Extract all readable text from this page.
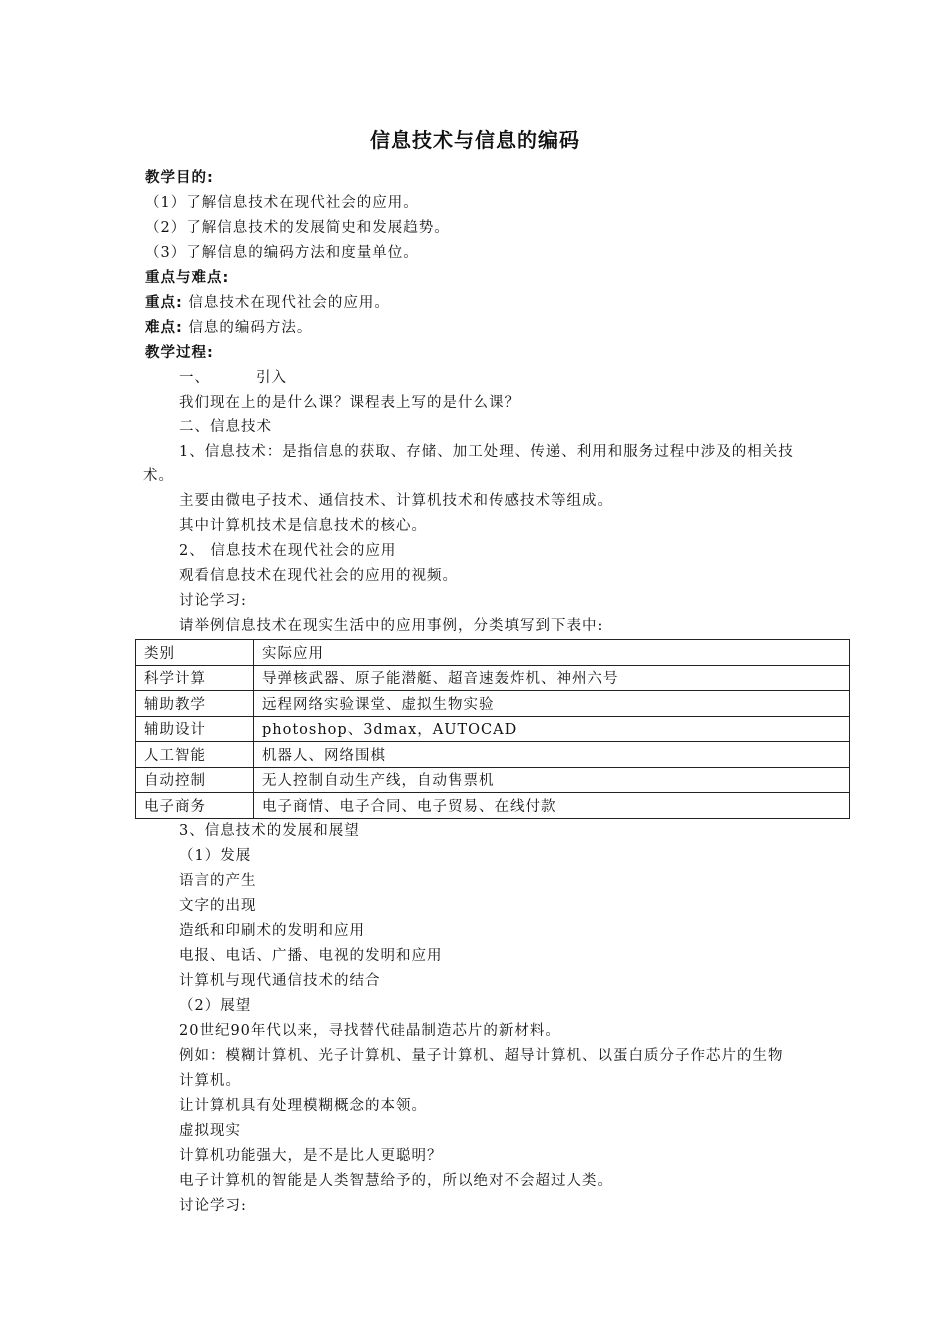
信息技术与信息的编码
教学目的:
（1）了解信息技术在现代社会的应用。
（2）了解信息技术的发展简史和发展趋势。
（3）了解信息的编码方法和度量单位。
重点与难点:
重点: 信息技术在现代社会的应用。
难点: 信息的编码方法。
教学过程:
一、	引入
我们现在上的是什么课？课程表上写的是什么课？
二、信息技术
1、信息技术：是指信息的获取、存储、加工处理、传递、利用和服务过程中涉及的相关技
术。
主要由微电子技术、通信技术、计算机技术和传感技术等组成。
其中计算机技术是信息技术的核心。
2、 信息技术在现代社会的应用
观看信息技术在现代社会的应用的视频。
讨论学习:
请举例信息技术在现实生活中的应用事例，分类填写到下表中:
类别	实际应用
科学计算	导弹核武器、原子能潜艇、超音速轰炸机、神州六号
辅助教学	远程网络实验课堂、虚拟生物实验
辅助设计	photoshop、3dmax，AUTOCAD
人工智能	机器人、网络围棋
自动控制	无人控制自动生产线，自动售票机
电子商务	电子商情、电子合同、电子贸易、在线付款
3、信息技术的发展和展望
（1）发展
语言的产生
文字的出现
造纸和印刷术的发明和应用
电报、电话、广播、电视的发明和应用
计算机与现代通信技术的结合
（2）展望
20世纪90年代以来，寻找替代硅晶制造芯片的新材料。
例如：模糊计算机、光子计算机、量子计算机、超导计算机、以蛋白质分子作芯片的生物
计算机。
让计算机具有处理模糊概念的本领。
虚拟现实
计算机功能强大，是不是比人更聪明？
电子计算机的智能是人类智慧给予的，所以绝对不会超过人类。
讨论学习:
